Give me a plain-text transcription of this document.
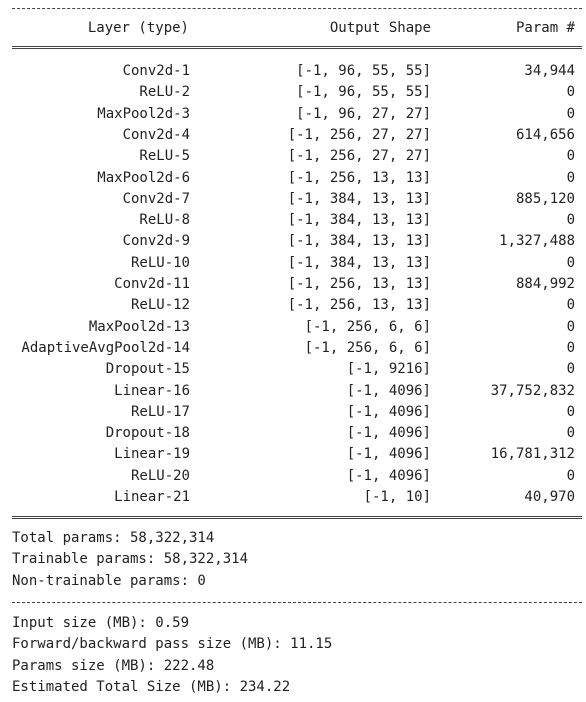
Layer (type)	Output Shape	Param #
Conv2d-1	[-1, 96, 55, 55]	34,944
ReLU-2	[-1, 96, 55, 55]	0
MaxPool2d-3	[-1, 96, 27, 27]	0
Conv2d-4	[-1, 256, 27, 27]	614,656
ReLU-5	[-1, 256, 27, 27]	0
MaxPool2d-6	[-1, 256, 13, 13]	0
Conv2d-7	[-1, 384, 13, 13]	885,120
ReLU-8	[-1, 384, 13, 13]	0
Conv2d-9	[-1, 384, 13, 13]	1,327,488
ReLU-10	[-1, 384, 13, 13]	0
Conv2d-11	[-1, 256, 13, 13]	884,992
ReLU-12	[-1, 256, 13, 13]	0
MaxPool2d-13	[-1, 256, 6, 6]	0
AdaptiveAvgPool2d-14	[-1, 256, 6, 6]	0
Dropout-15	[-1, 9216]	0
Linear-16	[-1, 4096]	37,752,832
ReLU-17	[-1, 4096]	0
Dropout-18	[-1, 4096]	0
Linear-19	[-1, 4096]	16,781,312
ReLU-20	[-1, 4096]	0
Linear-21	[-1, 10]	40,970
Total params: 58,322,314
Trainable params: 58,322,314
Non-trainable params: 0
Input size (MB): 0.59
Forward/backward pass size (MB): 11.15
Params size (MB): 222.48
Estimated Total Size (MB): 234.22
